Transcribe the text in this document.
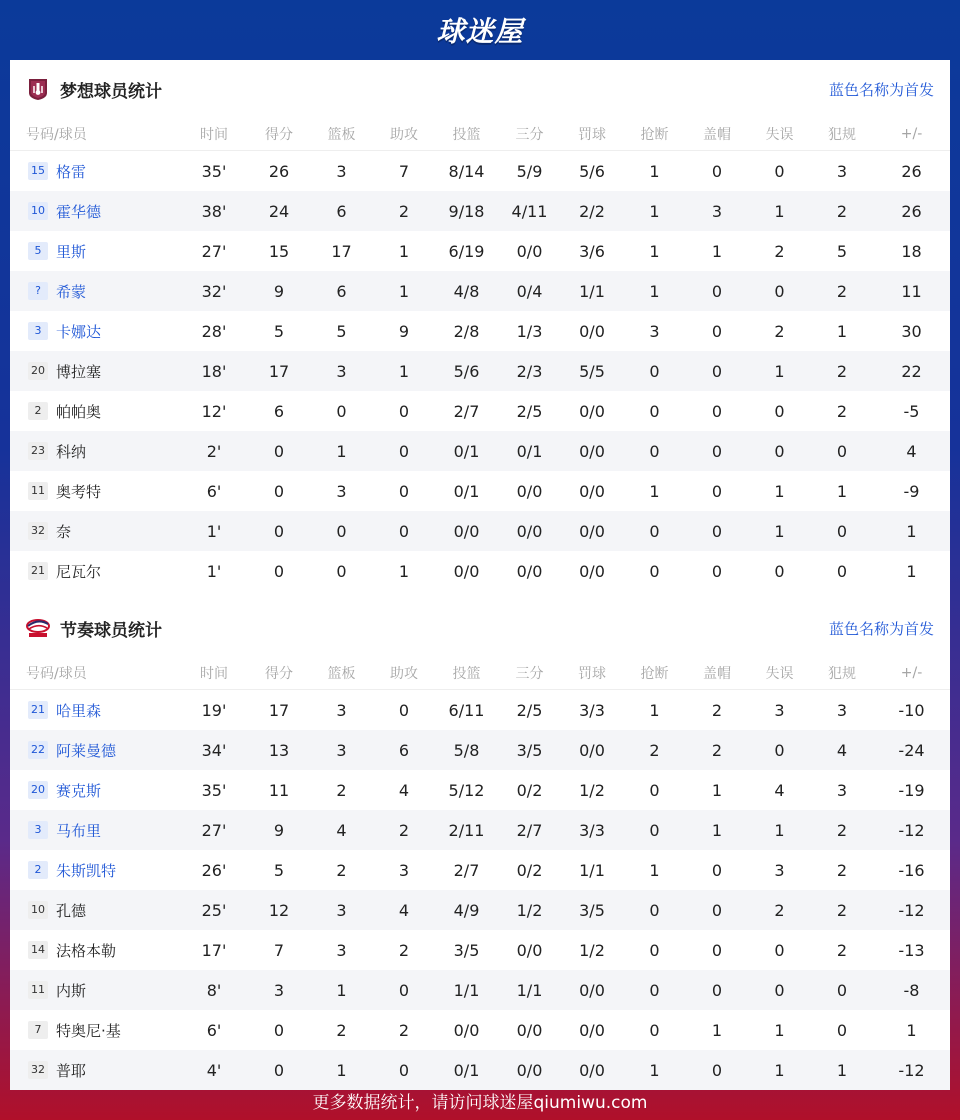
球迷屋
梦想球员统计	蓝色名称为首发
号码/球员	时间	得分	篮板	助攻	投篮	三分	罚球	抢断	盖帽	失误	犯规	+/-
15 格雷	35'	26	3	7	8/14	5/9	5/6	1	0	0	3	26
10 霍华德	38'	24	6	2	9/18	4/11	2/2	1	3	1	2	26
5 里斯	27'	15	17	1	6/19	0/0	3/6	1	1	2	5	18
? 希蒙	32'	9	6	1	4/8	0/4	1/1	1	0	0	2	11
3 卡娜达	28'	5	5	9	2/8	1/3	0/0	3	0	2	1	30
20 博拉塞	18'	17	3	1	5/6	2/3	5/5	0	0	1	2	22
2 帕帕奥	12'	6	0	0	2/7	2/5	0/0	0	0	0	2	-5
23 科纳	2'	0	1	0	0/1	0/1	0/0	0	0	0	0	4
11 奥考特	6'	0	3	0	0/1	0/0	0/0	1	0	1	1	-9
32 奈	1'	0	0	0	0/0	0/0	0/0	0	0	1	0	1
21 尼瓦尔	1'	0	0	1	0/0	0/0	0/0	0	0	0	0	1
节奏球员统计	蓝色名称为首发
号码/球员	时间	得分	篮板	助攻	投篮	三分	罚球	抢断	盖帽	失误	犯规	+/-
21 哈里森	19'	17	3	0	6/11	2/5	3/3	1	2	3	3	-10
22 阿莱曼德	34'	13	3	6	5/8	3/5	0/0	2	2	0	4	-24
20 赛克斯	35'	11	2	4	5/12	0/2	1/2	0	1	4	3	-19
3 马布里	27'	9	4	2	2/11	2/7	3/3	0	1	1	2	-12
2 朱斯凯特	26'	5	2	3	2/7	0/2	1/1	1	0	3	2	-16
10 孔德	25'	12	3	4	4/9	1/2	3/5	0	0	2	2	-12
14 法格本勒	17'	7	3	2	3/5	0/0	1/2	0	0	0	2	-13
11 内斯	8'	3	1	0	1/1	1/1	0/0	0	0	0	0	-8
7 特奥尼·基	6'	0	2	2	0/0	0/0	0/0	0	1	1	0	1
32 普耶	4'	0	1	0	0/1	0/0	0/0	1	0	1	1	-12
更多数据统计，请访问球迷屋qiumiwu.com
